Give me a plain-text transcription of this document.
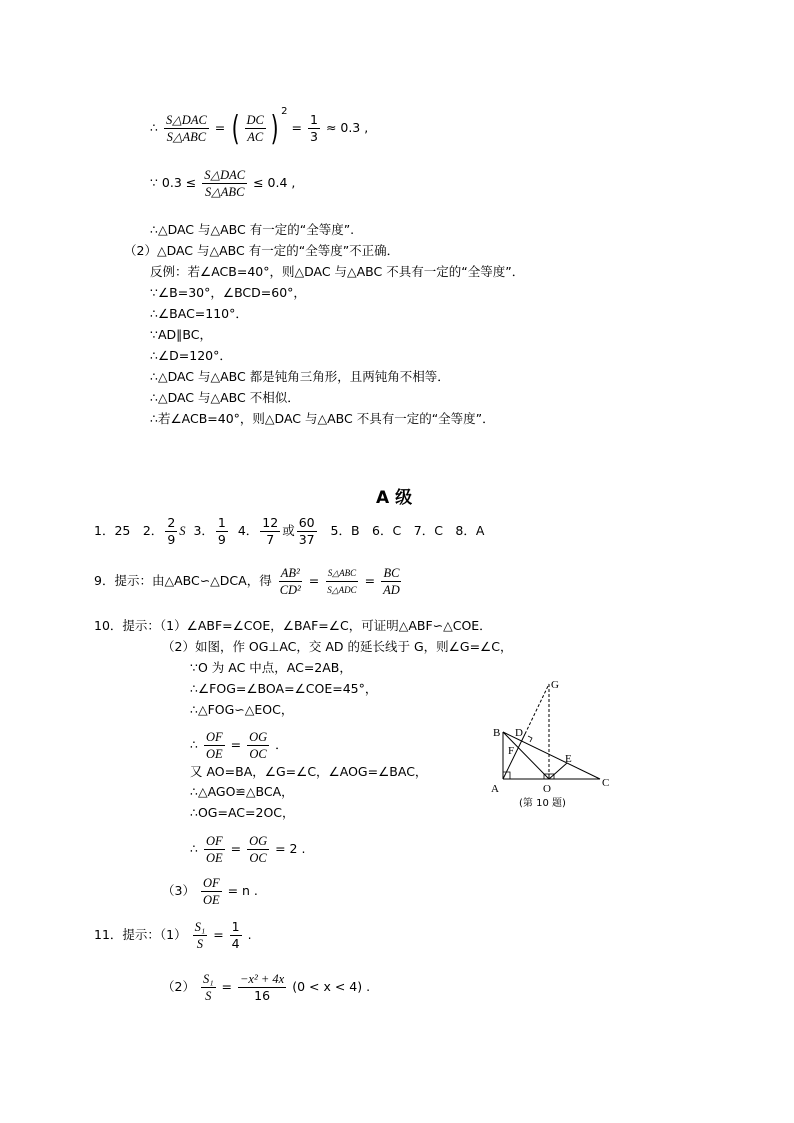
∴ $\frac{\text{S△DAC}}{\text{S△ABC}}$ = ( $\frac{DC}{AC}$ ) $^2 = \frac{1}{3} \approx 0.3$ ,
∵ $0.3 \le \frac{\text{S△DAC}}{\text{S△ABC}} \le 0.4$ ,
∴△DAC 与△ABC 有一定的“全等度”.
（2）△DAC 与△ABC 有一定的“全等度”不正确．
反例：若∠ACB=40°，则△DAC 与△ABC 不具有一定的“全等度”．
∵∠B=30°，∠BCD=60°，
∴∠BAC=110°．
∵AD∥BC，
∴∠D=120°．
∴△DAC 与△ABC 都是钝角三角形，且两钝角不相等．
∴△DAC 与△ABC 不相似．
∴若∠ACB=40°，则△DAC 与△ABC 不具有一定的“全等度”．
A 级
1．25　2． $\frac{2}{9}$ S 3． $\frac{1}{9} 4$． $\frac{12}{7}$ 或 $\frac{60}{37} 5$．B　6．C　7．C　8．A
9．提示：由△ABC∽△DCA，得 $\frac{\text{AB²}}{\text{CD²}} = \frac{\text{S△ABC}}{\text{S△ADC}} = \frac{BC}{AD}$
10．提示：（1）∠ABF=∠COE，∠BAF=∠C，可证明△ABF∽△COE．
（2）如图，作 OG⊥AC，交 AD 的延长线于 G，则∠G=∠C，
∵O 为 AC 中点，AC=2AB，
∴∠FOG=∠BOA=∠COE=45°，
∴△FOG∽△EOC，
∴ $\frac{OF}{OE} = \frac{OG}{OC}$ ．
又 AO=BA，∠G=∠C，∠AOG=∠BAC，
∴△AGO≌△BCA，
∴OG=AC=2OC，
∴ $\frac{OF}{OE} = \frac{OG}{OC} = 2$ .
$(3) \frac{OF}{OE} = n$ .
B
A	C
D
F
E
G
O
(第 10 题)
11．提示：$(1) \frac{\text{S₁}}{S} = \frac{1}{4}$ .
$(2) \frac{\text{S₁}}{S} = \frac{\text{−x² + 4x}}{16} (0 < x < 4)$ .
